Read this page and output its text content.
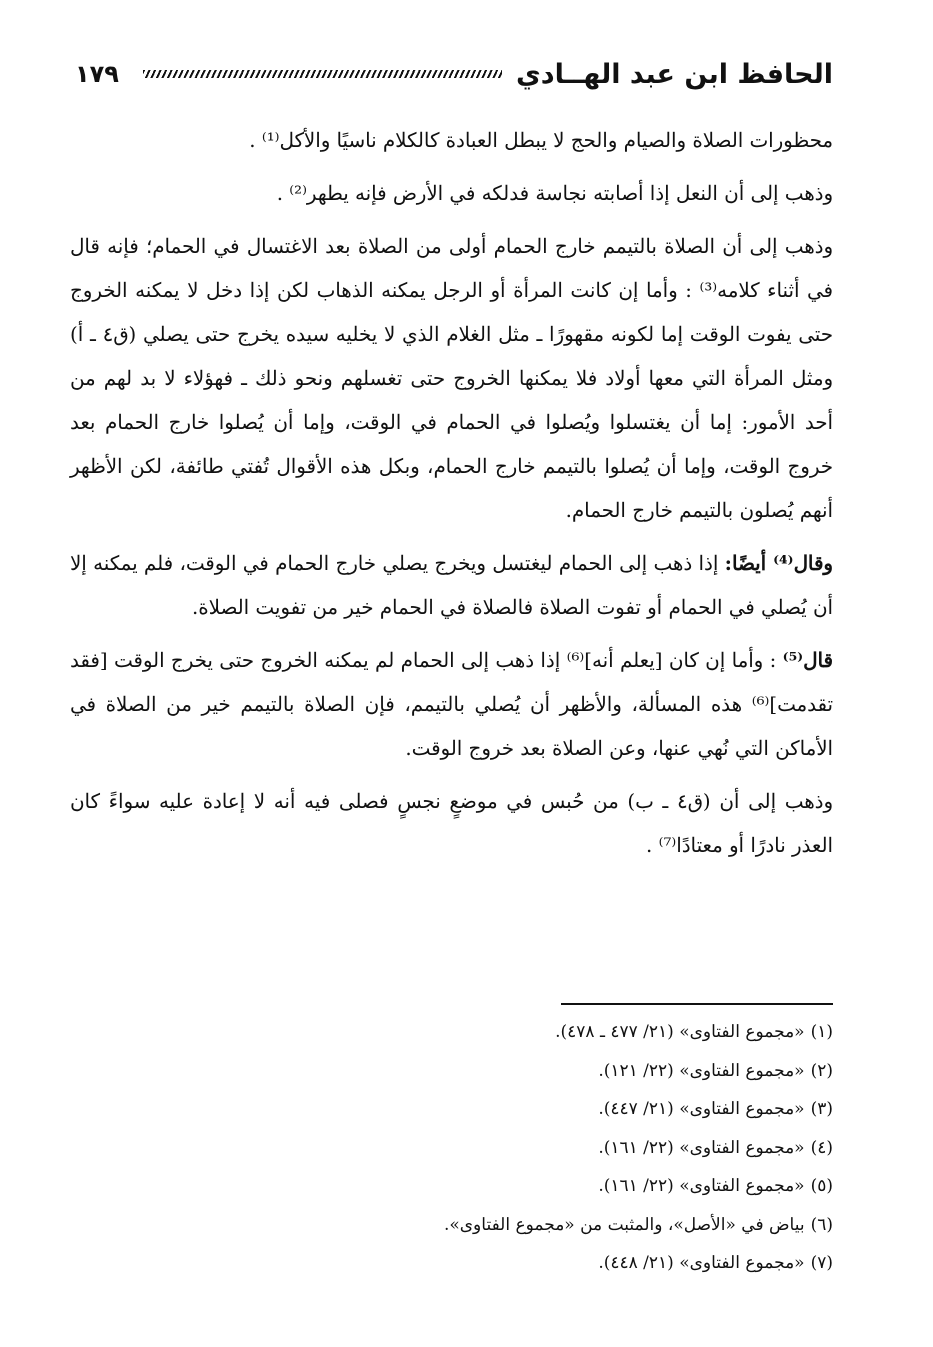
الحافظ ابن عبد الهــادي
١٧٩

محظورات الصلاة والصيام والحج لا يبطل العبادة كالكلام ناسيًا والأكل⁽¹⁾ .

وذهب إلى أن النعل إذا أصابته نجاسة فدلكه في الأرض فإنه يطهر⁽²⁾ .

وذهب إلى أن الصلاة بالتيمم خارج الحمام أولى من الصلاة بعد الاغتسال في الحمام؛ فإنه قال في أثناء كلامه⁽³⁾ : وأما إن كانت المرأة أو الرجل يمكنه الذهاب لكن إذا دخل لا يمكنه الخروج حتى يفوت الوقت إما لكونه مقهورًا ـ مثل الغلام الذي لا يخليه سيده يخرج حتى يصلي (ق٤ ـ أ) ومثل المرأة التي معها أولاد فلا يمكنها الخروج حتى تغسلهم ونحو ذلك ـ فهؤلاء لا بد لهم من أحد الأمور: إما أن يغتسلوا ويُصلوا في الحمام في الوقت، وإما أن يُصلوا خارج الحمام بعد خروج الوقت، وإما أن يُصلوا بالتيمم خارج الحمام، وبكل هذه الأقوال تُفتي طائفة، لكن الأظهر أنهم يُصلون بالتيمم خارج الحمام.

وقال⁽⁴⁾ أيضًا: إذا ذهب إلى الحمام ليغتسل ويخرج يصلي خارج الحمام في الوقت، فلم يمكنه إلا أن يُصلي في الحمام أو تفوت الصلاة فالصلاة في الحمام خير من تفويت الصلاة.

قال⁽⁵⁾ : وأما إن كان [يعلم أنه]⁽⁶⁾ إذا ذهب إلى الحمام لم يمكنه الخروج حتى يخرج الوقت [فقد تقدمت]⁽⁶⁾ هذه المسألة، والأظهر أن يُصلي بالتيمم، فإن الصلاة بالتيمم خير من الصلاة في الأماكن التي نُهي عنها، وعن الصلاة بعد خروج الوقت.

وذهب إلى أن (ق٤ ـ ب) من حُبس في موضعٍ نجسٍ فصلى فيه أنه لا إعادة عليه سواءً كان العذر نادرًا أو معتادًا⁽⁷⁾ .

(١)
«مجموع الفتاوى» (٢١/ ٤٧٧ ـ ٤٧٨).
(٢)
«مجموع الفتاوى» (٢٢/ ١٢١).
(٣)
«مجموع الفتاوى» (٢١/ ٤٤٧).
(٤)
«مجموع الفتاوى» (٢٢/ ١٦١).
(٥)
«مجموع الفتاوى» (٢٢/ ١٦١).
(٦)
بياض في «الأصل»، والمثبت من «مجموع الفتاوى».
(٧)
«مجموع الفتاوى» (٢١/ ٤٤٨).
